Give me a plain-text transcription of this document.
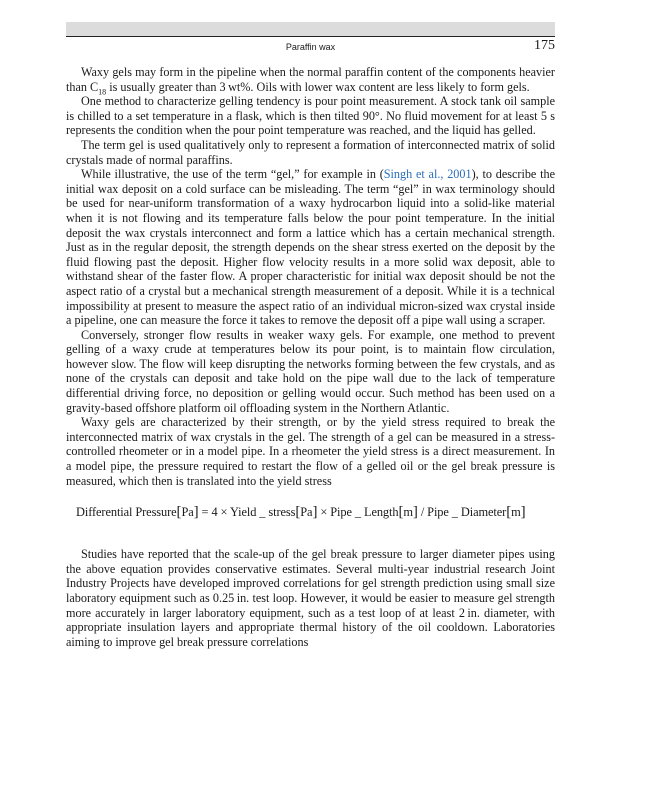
Paraffin wax	175

Waxy gels may form in the pipeline when the normal paraffin content of the components heavier than $C_{18}$ is usually greater than 3 wt%. Oils with lower wax content are less likely to form gels.

One method to characterize gelling tendency is pour point measurement. A stock tank oil sample is chilled to a set temperature in a flask, which is then tilted 90°. No fluid movement for at least 5 s represents the condition when the pour point temperature was reached, and the liquid has gelled.

The term gel is used qualitatively only to represent a formation of interconnected matrix of solid crystals made of normal paraffins.

While illustrative, the use of the term “gel,” for example in (Singh et al., 2001), to describe the initial wax deposit on a cold surface can be misleading. The term “gel” in wax terminology should be used for near-uniform transformation of a waxy hydrocarbon liquid into a solid-like material when it is not flowing and its temperature falls below the pour point temperature. In the initial deposit the wax crystals interconnect and form a lattice which has a certain mechanical strength. Just as in the regular deposit, the strength depends on the shear stress exerted on the deposit by the fluid flowing past the deposit. Higher flow velocity results in a more solid wax deposit, able to withstand shear of the faster flow. A proper characteristic for initial wax deposit should be not the aspect ratio of a crystal but a mechanical strength measurement of a deposit. While it is a technical impossibility at present to measure the aspect ratio of an individual micron-sized wax crystal inside a pipeline, one can measure the force it takes to remove the deposit off a pipe wall using a scraper.

Conversely, stronger flow results in weaker waxy gels. For example, one method to prevent gelling of a waxy crude at temperatures below its pour point, is to maintain flow circulation, however slow. The flow will keep disrupting the networks forming between the few crystals, and as none of the crystals can deposit and take hold on the pipe wall due to the lack of temperature differential driving force, no deposition or gelling would occur. Such method has been used on a gravity-based offshore platform oil offloading system in the Northern Atlantic.

Waxy gels are characterized by their strength, or by the yield stress required to break the interconnected matrix of wax crystals in the gel. The strength of a gel can be measured in a stress-controlled rheometer or in a model pipe. In a rheometer the yield stress is a direct measurement. In a model pipe, the pressure required to restart the flow of a gelled oil or the gel break pressure is measured, which then is translated into the yield stress

Differential Pressure[Pa] = 4 × Yield _ stress[Pa] × Pipe _ Length[m] / Pipe _ Diameter[m]

Studies have reported that the scale-up of the gel break pressure to larger diameter pipes using the above equation provides conservative estimates. Several multi-year industrial research Joint Industry Projects have developed improved correlations for gel strength prediction using small size laboratory equipment such as 0.25 in. test loop. However, it would be easier to measure gel strength more accurately in larger laboratory equipment, such as a test loop of at least 2 in. diameter, with appropriate insulation layers and appropriate thermal history of the oil cooldown. Laboratories aiming to improve gel break pressure correlations
